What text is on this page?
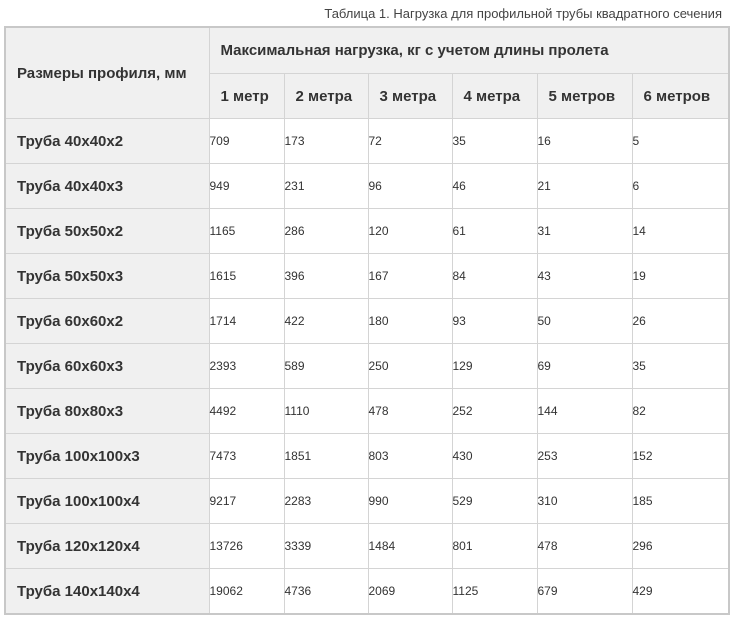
Таблица 1. Нагрузка для профильной трубы квадратного сечения
Размеры профиля, мм	Максимальная нагрузка, кг с учетом длины пролета					
	1 метр	2 метра	3 метра	4 метра	5 метров	6 метров
Труба 40х40х2	709	173	72	35	16	5
Труба 40х40х3	949	231	96	46	21	6
Труба 50х50х2	1165	286	120	61	31	14
Труба 50х50х3	1615	396	167	84	43	19
Труба 60х60х2	1714	422	180	93	50	26
Труба 60х60х3	2393	589	250	129	69	35
Труба 80х80х3	4492	1110	478	252	144	82
Труба 100х100х3	7473	1851	803	430	253	152
Труба 100х100х4	9217	2283	990	529	310	185
Труба 120х120х4	13726	3339	1484	801	478	296
Труба 140х140х4	19062	4736	2069	1125	679	429
